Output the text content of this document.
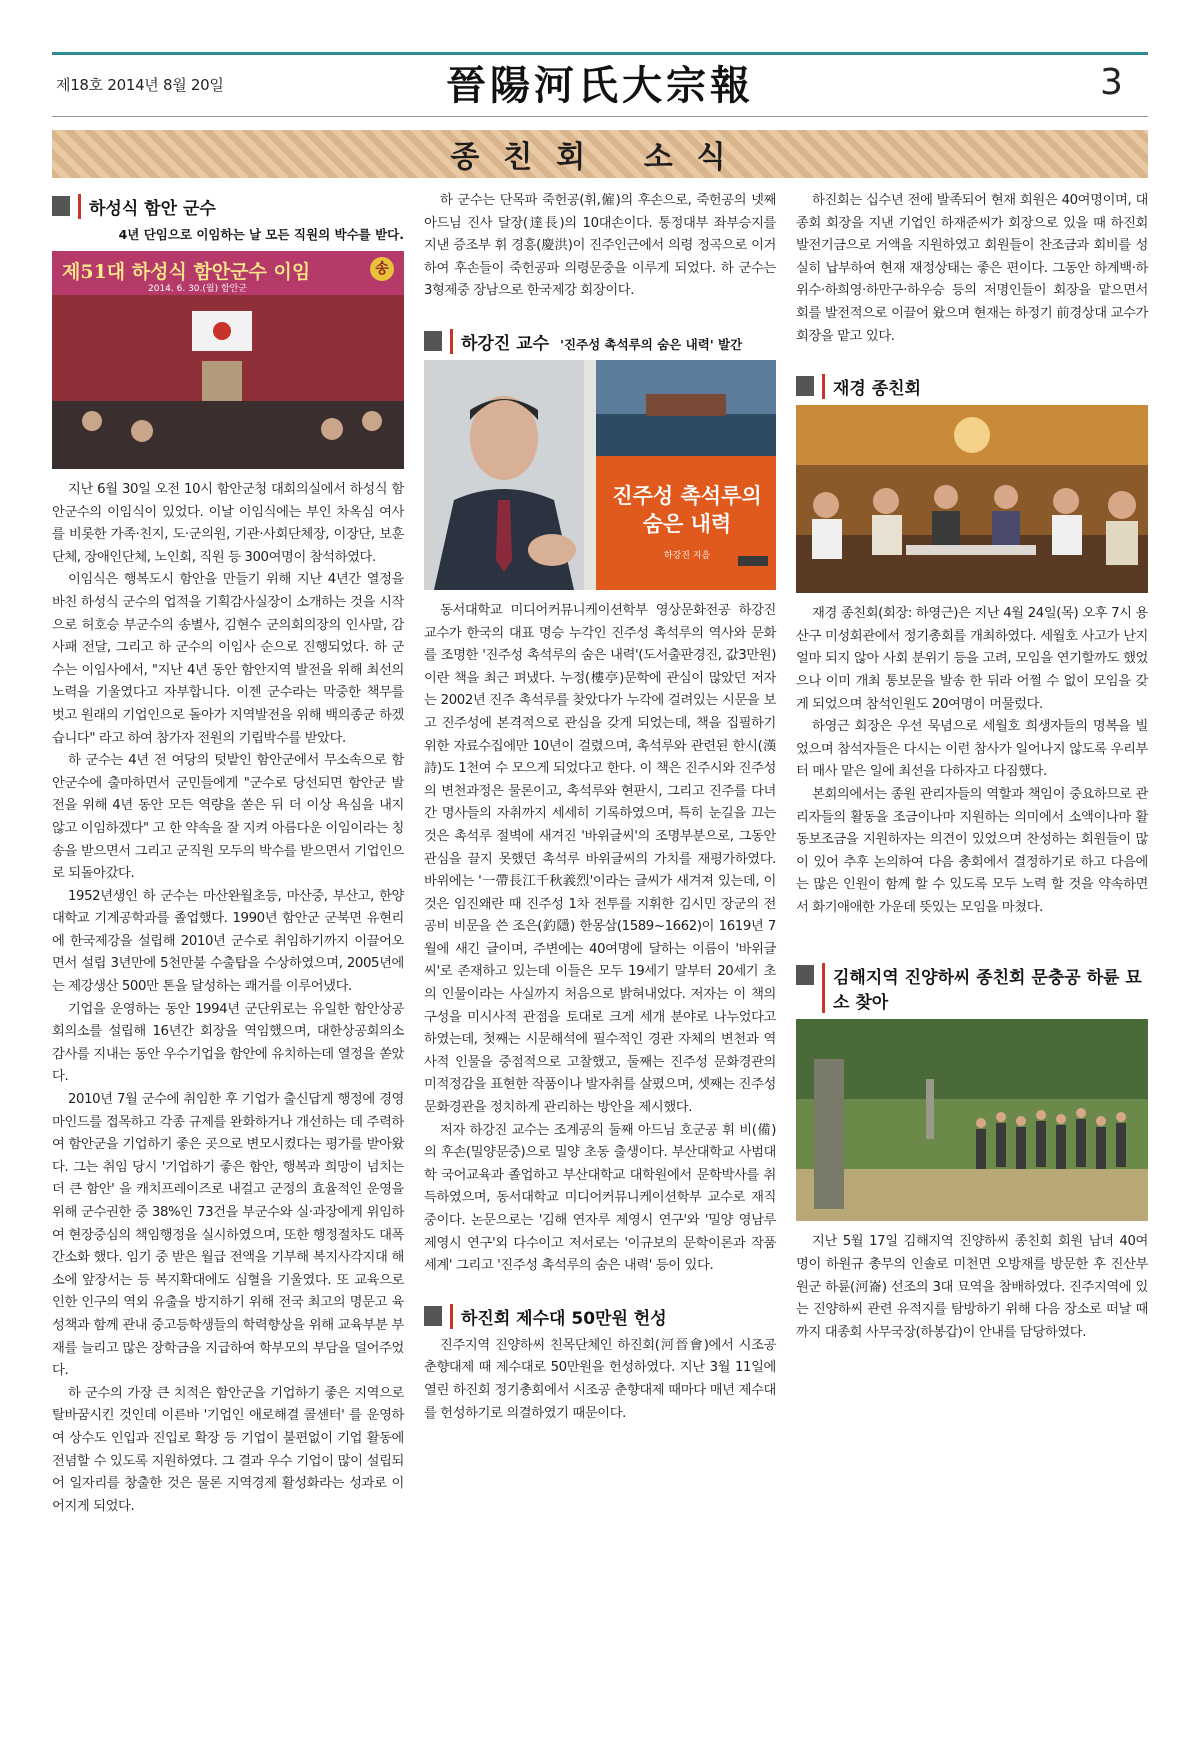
제18호 2014년 8월 20일	晉陽河氏大宗報	3
종친회 소식
하성식 함안 군수
4년 단임으로 이임하는 날 모든 직원의 박수를 받다.
제51대 하성식 함안군수 이임	송
2014. 6. 30.(월) 함안군

지난 6월 30일 오전 10시 함안군청 대회의실에서 하성식 함안군수의 이임식이 있었다. 이날 이임식에는 부인 차옥심 여사를 비롯한 가족·친지, 도·군의원, 기관·사회단체장, 이장단, 보훈단체, 장애인단체, 노인회, 직원 등 300여명이 참석하였다.

이임식은 행복도시 함안을 만들기 위해 지난 4년간 열정을 바친 하성식 군수의 업적을 기획감사실장이 소개하는 것을 시작으로 허호승 부군수의 송별사, 김현수 군의회의장의 인사말, 감사패 전달, 그리고 하 군수의 이임사 순으로 진행되었다. 하 군수는 이임사에서, "지난 4년 동안 함안지역 발전을 위해 최선의 노력을 기울였다고 자부합니다. 이젠 군수라는 막중한 책무를 벗고 원래의 기업인으로 돌아가 지역발전을 위해 백의종군 하겠습니다" 라고 하여 참가자 전원의 기립박수를 받았다.

하 군수는 4년 전 여당의 텃밭인 함안군에서 무소속으로 함안군수에 출마하면서 군민들에게 "군수로 당선되면 함안군 발전을 위해 4년 동안 모든 역량을 쏟은 뒤 더 이상 욕심을 내지 않고 이임하겠다" 고 한 약속을 잘 지켜 아름다운 이임이라는 칭송을 받으면서 그리고 군직원 모두의 박수를 받으면서 기업인으로 되돌아갔다.

1952년생인 하 군수는 마산완월초등, 마산중, 부산고, 한양대학교 기계공학과를 졸업했다. 1990년 함안군 군북면 유현리에 한국제강을 설립해 2010년 군수로 취임하기까지 이끌어오면서 설립 3년만에 5천만불 수출탑을 수상하였으며, 2005년에는 제강생산 500만 톤을 달성하는 쾌거를 이루어냈다.

기업을 운영하는 동안 1994년 군단위로는 유일한 함안상공회의소를 설립해 16년간 회장을 역임했으며, 대한상공회의소 감사를 지내는 동안 우수기업을 함안에 유치하는데 열정을 쏟았다.

2010년 7월 군수에 취임한 후 기업가 출신답게 행정에 경영마인드를 접목하고 각종 규제를 완화하거나 개선하는 데 주력하여 함안군을 기업하기 좋은 곳으로 변모시켰다는 평가를 받아왔다. 그는 취임 당시 '기업하기 좋은 함안, 행복과 희망이 넘치는 더 큰 함안' 을 캐치프레이즈로 내걸고 군정의 효율적인 운영을 위해 군수권한 중 38%인 73건을 부군수와 실·과장에게 위임하여 현장중심의 책임행정을 실시하였으며, 또한 행정절차도 대폭 간소화 했다. 임기 중 받은 월급 전액을 기부해 복지사각지대 해소에 앞장서는 등 복지확대에도 심혈을 기울였다. 또 교육으로 인한 인구의 역외 유출을 방지하기 위해 전국 최고의 명문고 육성책과 함께 관내 중고등학생들의 학력향상을 위해 교육부분 부재를 늘리고 많은 장학금을 지급하여 학부모의 부담을 덜어주었다.

하 군수의 가장 큰 치적은 함안군을 기업하기 좋은 지역으로 탈바꿈시킨 것인데 이른바 '기업인 애로해결 콜센터' 를 운영하여 상수도 인입과 진입로 확장 등 기업이 불편없이 기업 활동에 전념할 수 있도록 지원하였다. 그 결과 우수 기업이 많이 설립되어 일자리를 창출한 것은 물론 지역경제 활성화라는 성과로 이어지게 되었다.

하 군수는 단목파 죽헌공(휘,僱)의 후손으로, 죽헌공의 넷째아드님 진사 달장(達長)의 10대손이다. 통정대부 좌부승지를 지낸 증조부 휘 경흥(慶洪)이 진주인근에서 의령 정곡으로 이거하여 후손들이 죽헌공파 의령문중을 이루게 되었다. 하 군수는 3형제중 장남으로 한국제강 회장이다.

하강진 교수 '진주성 촉석루의 숨은 내력' 발간
진주성 촉석루의
숨은 내력
하강진 지음

동서대학교 미디어커뮤니케이션학부 영상문화전공 하강진 교수가 한국의 대표 명승 누각인 진주성 촉석루의 역사와 문화를 조명한 '진주성 촉석루의 숨은 내력'(도서출판경진, 값3만원)이란 책을 최근 펴냈다. 누정(樓亭)문학에 관심이 많았던 저자는 2002년 진주 촉석루를 찾았다가 누각에 걸려있는 시문을 보고 진주성에 본격적으로 관심을 갖게 되었는데, 책을 집필하기 위한 자료수집에만 10년이 걸렸으며, 촉석루와 관련된 한시(漢詩)도 1천여 수 모으게 되었다고 한다. 이 책은 진주시와 진주성의 변천과정은 물론이고, 촉석루와 현판시, 그리고 진주를 다녀간 명사들의 자취까지 세세히 기록하였으며, 특히 눈길을 끄는 것은 촉석루 절벽에 새겨진 '바위글씨'의 조명부분으로, 그동안 관심을 끌지 못했던 촉석루 바위글씨의 가치를 재평가하였다. 바위에는 '一帶長江千秋義烈'이라는 글씨가 새겨져 있는데, 이것은 임진왜란 때 진주성 1차 전투를 지휘한 김시민 장군의 전공비 비문을 쓴 조은(釣隱) 한몽삼(1589~1662)이 1619년 7월에 새긴 글이며, 주변에는 40여명에 달하는 이름이 '바위글씨'로 존재하고 있는데 이들은 모두 19세기 말부터 20세기 초의 인물이라는 사실까지 처음으로 밝혀내었다. 저자는 이 책의 구성을 미시사적 관점을 토대로 크게 세개 분야로 나누었다고 하였는데, 첫째는 시문해석에 필수적인 경관 자체의 변천과 역사적 인물을 중점적으로 고찰했고, 둘째는 진주성 문화경관의 미적정감을 표현한 작품이나 발자취를 살폈으며, 셋째는 진주성 문화경관을 정치하게 관리하는 방안을 제시했다.

저자 하강진 교수는 조계공의 둘째 아드님 호군공 휘 비(備)의 후손(밀양문중)으로 밀양 초동 출생이다. 부산대학교 사범대학 국어교육과 졸업하고 부산대학교 대학원에서 문학박사를 취득하였으며, 동서대학교 미디어커뮤니케이션학부 교수로 재직중이다. 논문으로는 '김해 연자루 제영시 연구'와 '밀양 영남루 제영시 연구'외 다수이고 저서로는 '이규보의 문학이론과 작품세계' 그리고 '진주성 촉석루의 숨은 내력' 등이 있다.

하진회 제수대 50만원 헌성

진주지역 진양하씨 친목단체인 하진회(河晉會)에서 시조공 춘향대제 때 제수대로 50만원을 헌성하였다. 지난 3월 11일에 열린 하진회 정기총회에서 시조공 춘향대제 때마다 매년 제수대를 헌성하기로 의결하였기 때문이다.

하진회는 십수년 전에 발족되어 현재 회원은 40여명이며, 대종회 회장을 지낸 기업인 하재준씨가 회장으로 있을 때 하진회 발전기금으로 거액을 지원하였고 회원들이 찬조금과 회비를 성실히 납부하여 현재 재정상태는 좋은 편이다. 그동안 하계백·하위수·하희영·하만구·하우승 등의 저명인들이 회장을 맡으면서 회를 발전적으로 이끌어 왔으며 현재는 하정기 前경상대 교수가 회장을 맡고 있다.

재경 종친회

재경 종친회(회장: 하영근)은 지난 4월 24일(목) 오후 7시 용산구 미성회관에서 정기총회를 개최하였다. 세월호 사고가 난지 얼마 되지 않아 사회 분위기 등을 고려, 모임을 연기할까도 했었으나 이미 개최 통보문을 발송 한 뒤라 어쩔 수 없이 모임을 갖게 되었으며 참석인원도 20여명이 머물렀다.

하영근 회장은 우선 묵념으로 세월호 희생자들의 명복을 빌었으며 참석자들은 다시는 이런 참사가 일어나지 않도록 우리부터 매사 맡은 일에 최선을 다하자고 다짐했다.

본회의에서는 종원 관리자들의 역할과 책임이 중요하므로 관리자들의 활동을 조금이나마 지원하는 의미에서 소액이나마 활동보조금을 지원하자는 의견이 있었으며 찬성하는 회원들이 많이 있어 추후 논의하여 다음 총회에서 결정하기로 하고 다음에는 많은 인원이 함께 할 수 있도록 모두 노력 할 것을 약속하면서 화기애애한 가운데 뜻있는 모임을 마쳤다.

김해지역 진양하씨 종친회 문충공 하륜 묘소 찾아

지난 5월 17일 김해지역 진양하씨 종친회 회원 남녀 40여 명이 하원규 총무의 인솔로 미천면 오방재를 방문한 후 진산부원군 하륜(河崙) 선조의 3대 묘역을 참배하였다. 진주지역에 있는 진양하씨 관련 유적지를 탐방하기 위해 다음 장소로 떠날 때까지 대종회 사무국장(하봉갑)이 안내를 담당하였다.
